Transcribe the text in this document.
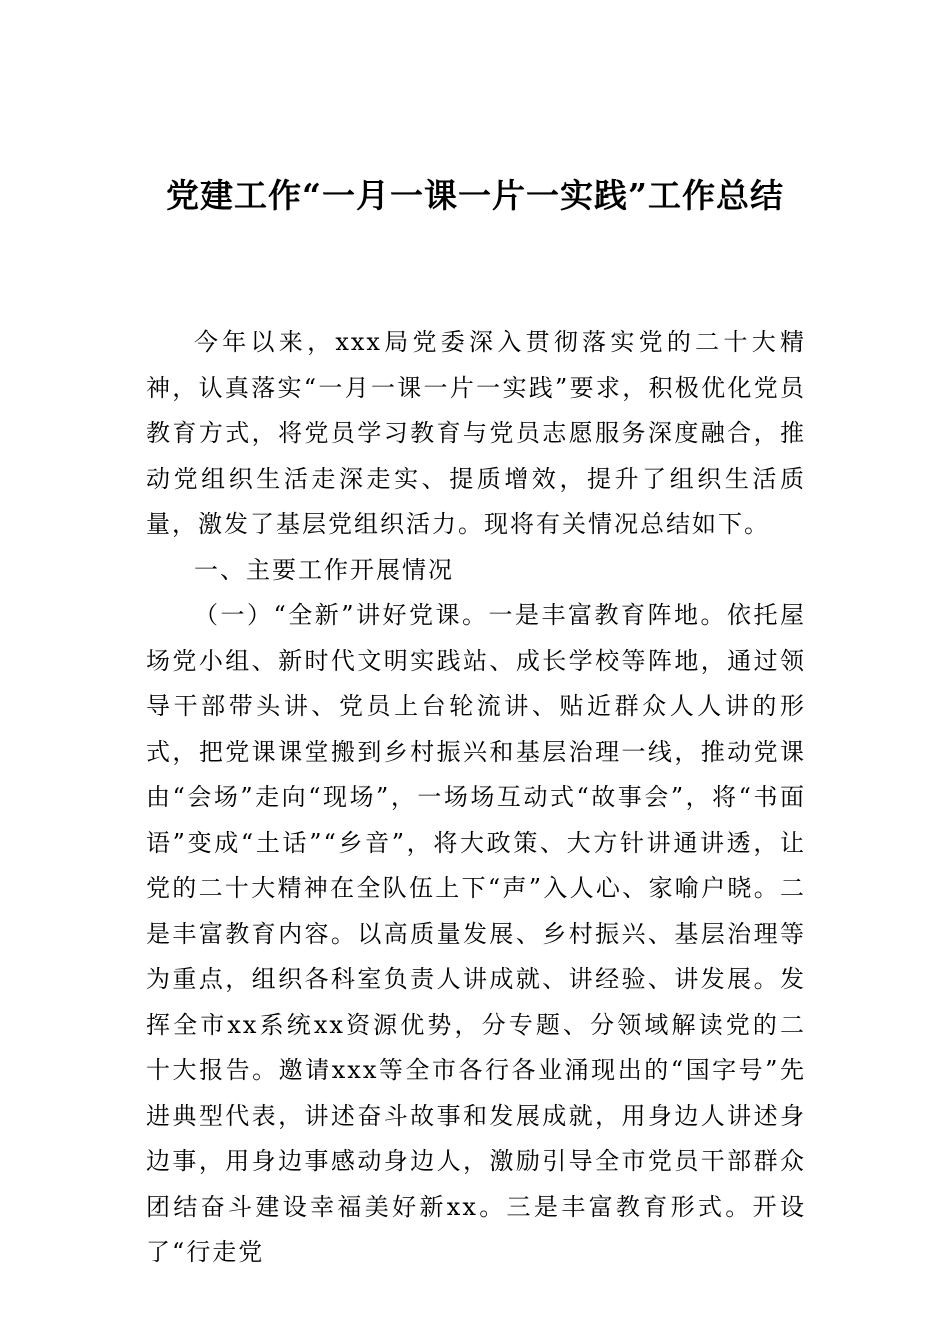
党建工作“一月一课一片一实践”工作总结

今年以来，xxx局党委深入贯彻落实党的二十大精神，认真落实“一月一课一片一实践”要求，积极优化党员教育方式，将党员学习教育与党员志愿服务深度融合，推动党组织生活走深走实、提质增效，提升了组织生活质量，激发了基层党组织活力。现将有关情况总结如下。

一、主要工作开展情况

（一）“全新”讲好党课。一是丰富教育阵地。依托屋场党小组、新时代文明实践站、成长学校等阵地，通过领导干部带头讲、党员上台轮流讲、贴近群众人人讲的形式，把党课课堂搬到乡村振兴和基层治理一线，推动党课由“会场”走向“现场”，一场场互动式“故事会”，将“书面语”变成“土话”“乡音”，将大政策、大方针讲通讲透，让党的二十大精神在全队伍上下“声”入人心、家喻户晓。二是丰富教育内容。以高质量发展、乡村振兴、基层治理等为重点，组织各科室负责人讲成就、讲经验、讲发展。发挥全市xx系统xx资源优势，分专题、分领域解读党的二十大报告。邀请xxx等全市各行各业涌现出的“国字号”先进典型代表，讲述奋斗故事和发展成就，用身边人讲述身边事，用身边事感动身边人，激励引导全市党员干部群众团结奋斗建设幸福美好新xx。三是丰富教育形式。开设了“行走党
